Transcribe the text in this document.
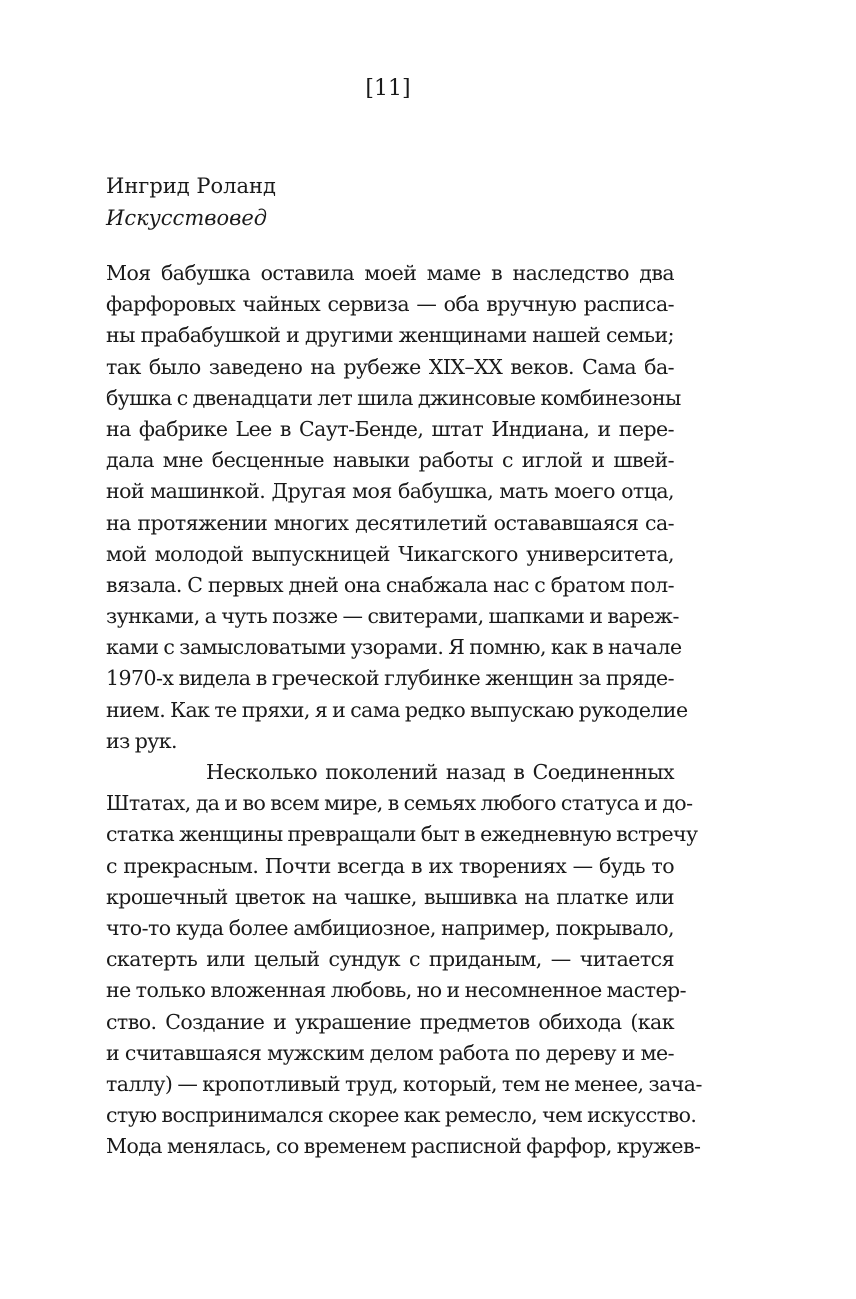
[11]
Ингрид Роланд
Искусствовед
Моя бабушка оставила моей маме в наследство два
фарфоровых чайных сервиза — оба вручную расписа-
ны прабабушкой и другими женщинами нашей семьи;
так было заведено на рубеже XIX–XX веков. Сама ба-
бушка с двенадцати лет шила джинсовые комбинезоны
на фабрике Lee в Саут-Бенде, штат Индиана, и пере-
дала мне бесценные навыки работы с иглой и швей-
ной машинкой. Другая моя бабушка, мать моего отца,
на протяжении многих десятилетий остававшаяся са-
мой молодой выпускницей Чикагского университета,
вязала. С первых дней она снабжала нас с братом пол-
зунками, а чуть позже — свитерами, шапками и вареж-
ками с замысловатыми узорами. Я помню, как в начале
1970-х видела в греческой глубинке женщин за пряде-
нием. Как те пряхи, я и сама редко выпускаю рукоделие
из рук.
Несколько поколений назад в Соединенных
Штатах, да и во всем мире, в семьях любого статуса и до-
статка женщины превращали быт в ежедневную встречу
с прекрасным. Почти всегда в их творениях — будь то
крошечный цветок на чашке, вышивка на платке или
что-то куда более амбициозное, например, покрывало,
скатерть или целый сундук с приданым, — читается
не только вложенная любовь, но и несомненное мастер-
ство. Создание и украшение предметов обихода (как
и считавшаяся мужским делом работа по дереву и ме-
таллу) — кропотливый труд, который, тем не менее, зача-
стую воспринимался скорее как ремесло, чем искусство.
Мода менялась, со временем расписной фарфор, кружев-
